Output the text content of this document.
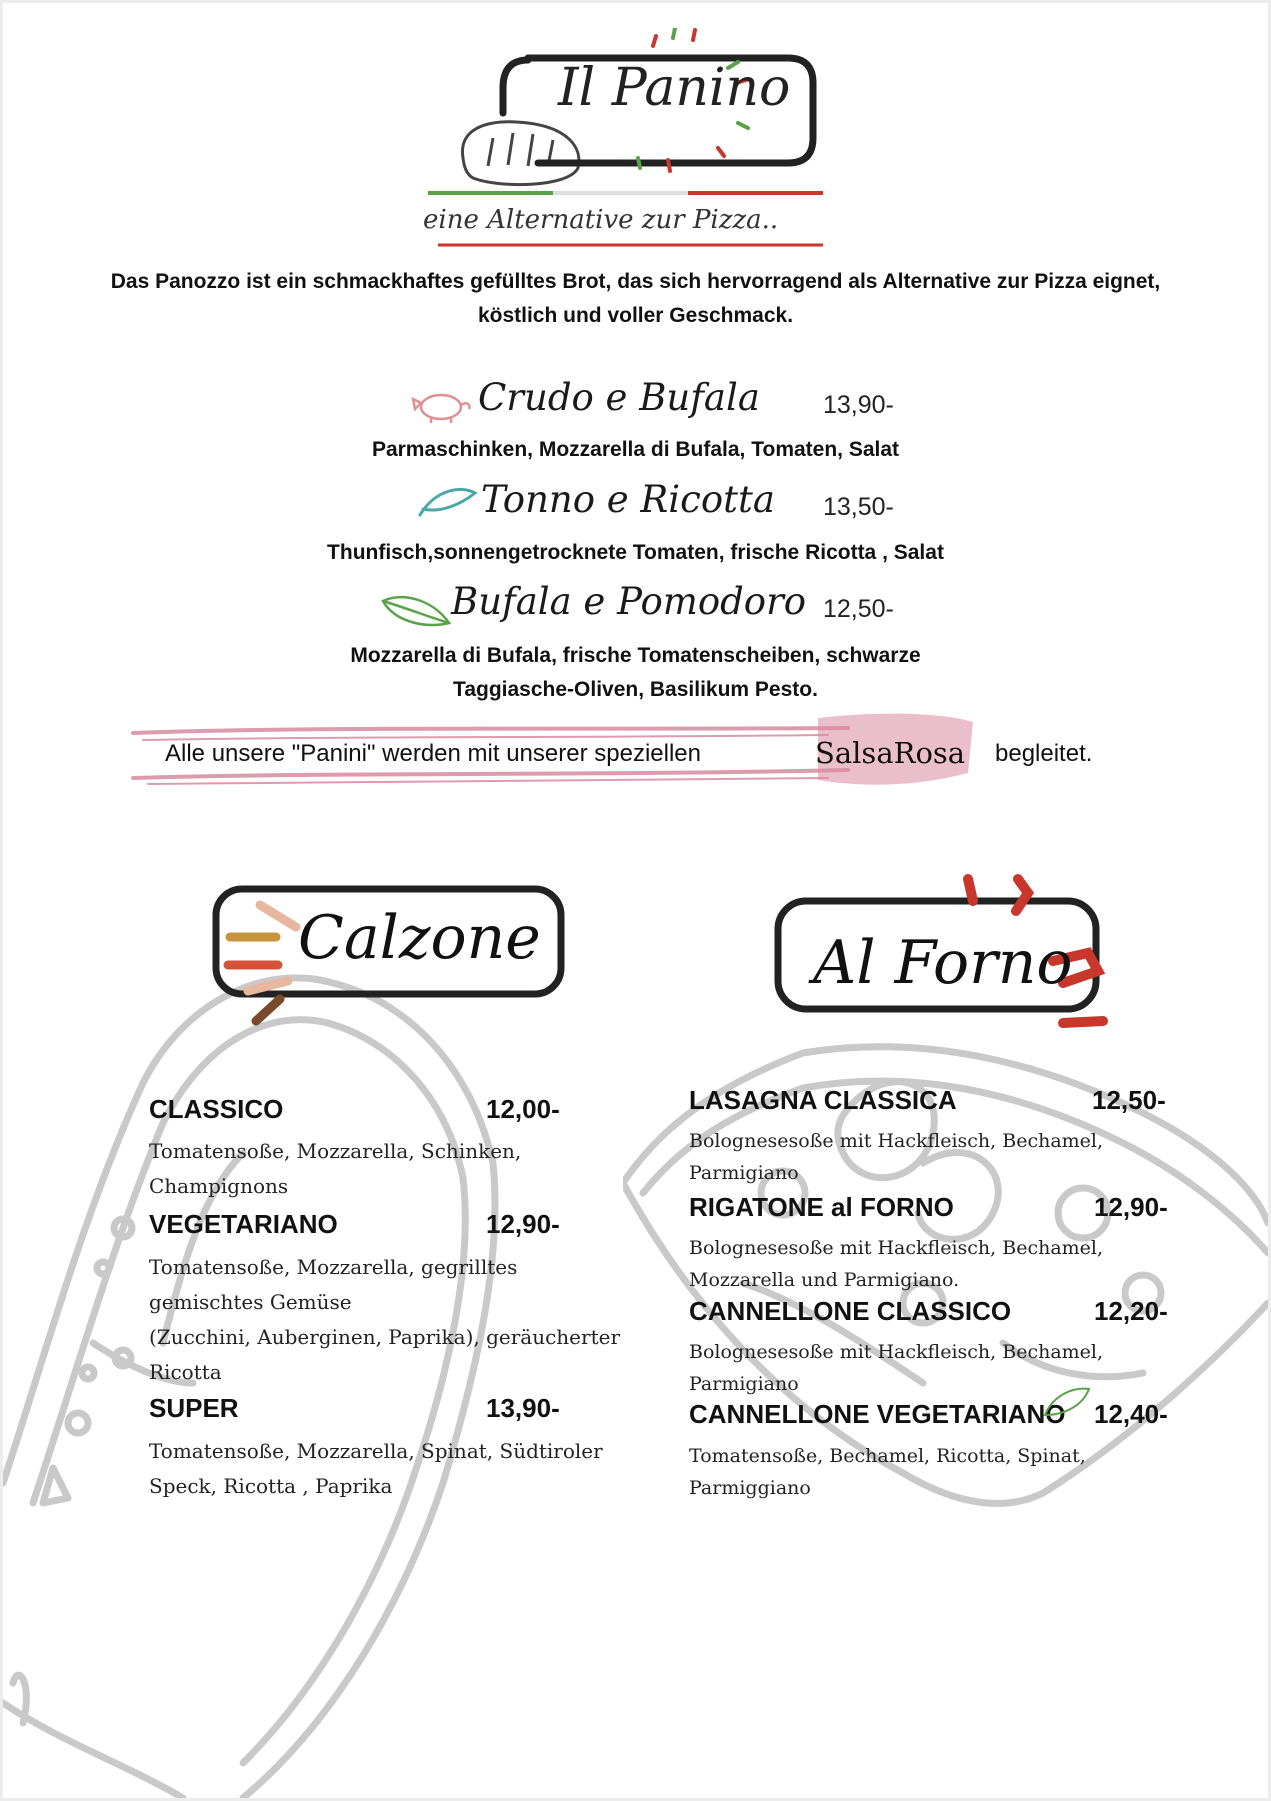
Il Panino
eine Alternative zur Pizza..
Das Panozzo ist ein schmackhaftes gefülltes Brot, das sich hervorragend als Alternative zur Pizza eignet,
köstlich und voller Geschmack.
Crudo e Bufala	13,90-
Parmaschinken, Mozzarella di Bufala, Tomaten, Salat
Tonno e Ricotta 13,50-
Thunfisch,sonnengetrocknete Tomaten, frische Ricotta , Salat
Bufala e Pomodoro 12,50-
Mozzarella di Bufala, frische Tomatenscheiben, schwarze
Taggiasche-Oliven, Basilikum Pesto.
Alle unsere "Panini" werden mit unserer speziellen	SalsaRosa begleitet.
Calzone	Al Forno
CLASSICO	12,00-
Tomatensoße, Mozzarella, Schinken,
Champignons
VEGETARIANO	12,90-
Tomatensoße, Mozzarella, gegrilltes
gemischtes Gemüse
(Zucchini, Auberginen, Paprika), geräucherter
Ricotta
SUPER	13,90-
Tomatensoße, Mozzarella, Spinat, Südtiroler
Speck, Ricotta , Paprika
LASAGNA CLASSICA	12,50-
Bolognesesoße mit Hackfleisch, Bechamel,
Parmigiano
RIGATONE al FORNO	12,90-
Bolognesesoße mit Hackfleisch, Bechamel,
Mozzarella und Parmigiano.
CANNELLONE CLASSICO	12,20-
Bolognesesoße mit Hackfleisch, Bechamel,
Parmigiano
CANNELLONE VEGETARIANO 12,40-
Tomatensoße, Bechamel, Ricotta, Spinat,
Parmiggiano
